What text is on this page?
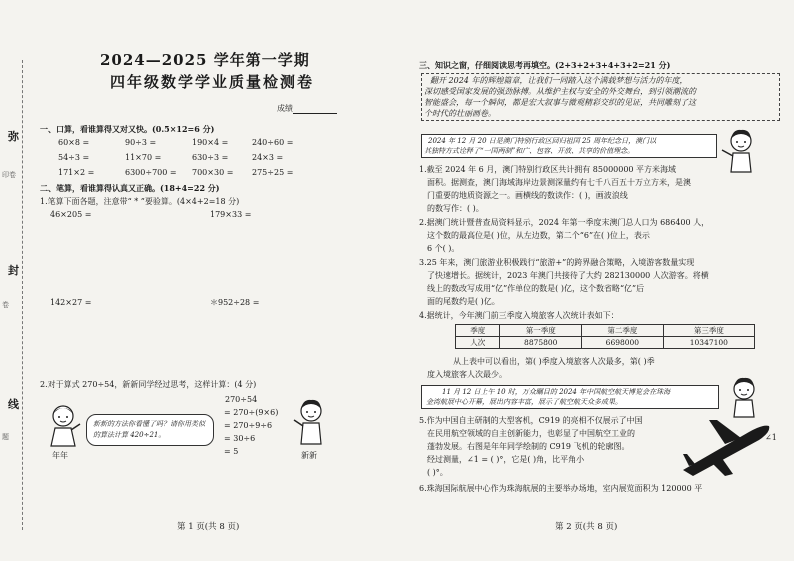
弥
印卷
封
卷
线
题
2024—2025 学年第一学期
四年级数学学业质量检测卷
成绩
一、口算，看谁算得又对又快。(0.5×12=6 分)
60×8 =	90÷3 =	190×4 =	240÷60 =
54÷3 =	11×70 =	630÷3 =	24×3 =
171×2 =	6300÷700 = 700×30 = 275÷25 =
二、笔算，看谁算得认真又正确。(18+4=22 分)
1.笔算下面各题，注意带“ * ”要验算。(4×4+2=18 分)
46×205 =	179×33 =
142×27 =	＊952÷28 =
2.对于算式 270÷54，新新同学经过思考，这样计算：(4 分)
270÷54
= 270÷(9×6)
= 270÷9÷6
= 30÷6
= 5
年年
新新的方法你看懂了吗？请你用类似的算法计算 420÷21。
新新
第 1 页(共 8 页)
三、知识之窗，仔细阅读思考再填空。(2+3+2+3+4+3+2=21 分)
翻开 2024 年的辉煌篇章，让我们一同踏入这个满载梦想与活力的年度，
深切感受国家发展的强劲脉搏。从维护主权与安全的外交舞台，到引领潮流的
智能盛会，每一个瞬间，都是宏大叙事与微观精彩交织的见证，共同雕刻了这
个时代的壮丽画卷。
2024 年 12 月 20 日是澳门特别行政区回归祖国 25 周年纪念日，澳门以
其独特方式诠释了“一国两制”和广、包容、开放、共享的价值理念。
1.截至 2024 年 6 月，澳门特别行政区共计拥有 85000000 平方米海域
面积。据测查，澳门海域海岸边景测深量约有七千八百五十万立方米，是澳
门重要的地质资源之一。画横线的数读作：( )，画波浪线
的数写作：( )。
2.据澳门统计暨普查局资料显示，2024 年第一季度末澳门总人口为 686400 人，
这个数的最高位是( )位，从左边数，第二个“6”在( )位上，表示
6 个( )。
3.25 年来，澳门旅游业积极践行“旅游+”的跨界融合策略，入境游客数量实现
了快速增长。据统计，2023 年澳门共接待了大约 282130000 人次游客。将横
线上的数改写成用“亿”作单位的数是( )亿，这个数省略“亿”后
面的尾数约是( )亿。
4.据统计，今年澳门前三季度入境旅客人次统计表如下：
季度	第一季度	第二季度	第三季度
人次	8875800	6698000	10347100
从上表中可以看出，第( )季度入境旅客人次最多，第( )季
度入境旅客人次最少。
11 月 12 日上午 10 时，万众瞩目的 2024 年中国航空航天博览会在珠海
金湾航展中心开幕，展出内容丰富，展示了航空航天众多成果。
5.作为中国自主研制的大型客机，C919 的亮相不仅展示了中国
在民用航空领域的自主创新能力，也彰显了中国航空工业的
蓬勃发展。右图是年年同学绘制的 C919 飞机的轮廓图。
经过测量，∠1 = ( )°，它是( )角，比平角小
( )°。
∠1
6.珠海国际航展中心作为珠海航展的主要举办场地，室内展览面积为 120000 平
第 2 页(共 8 页)
